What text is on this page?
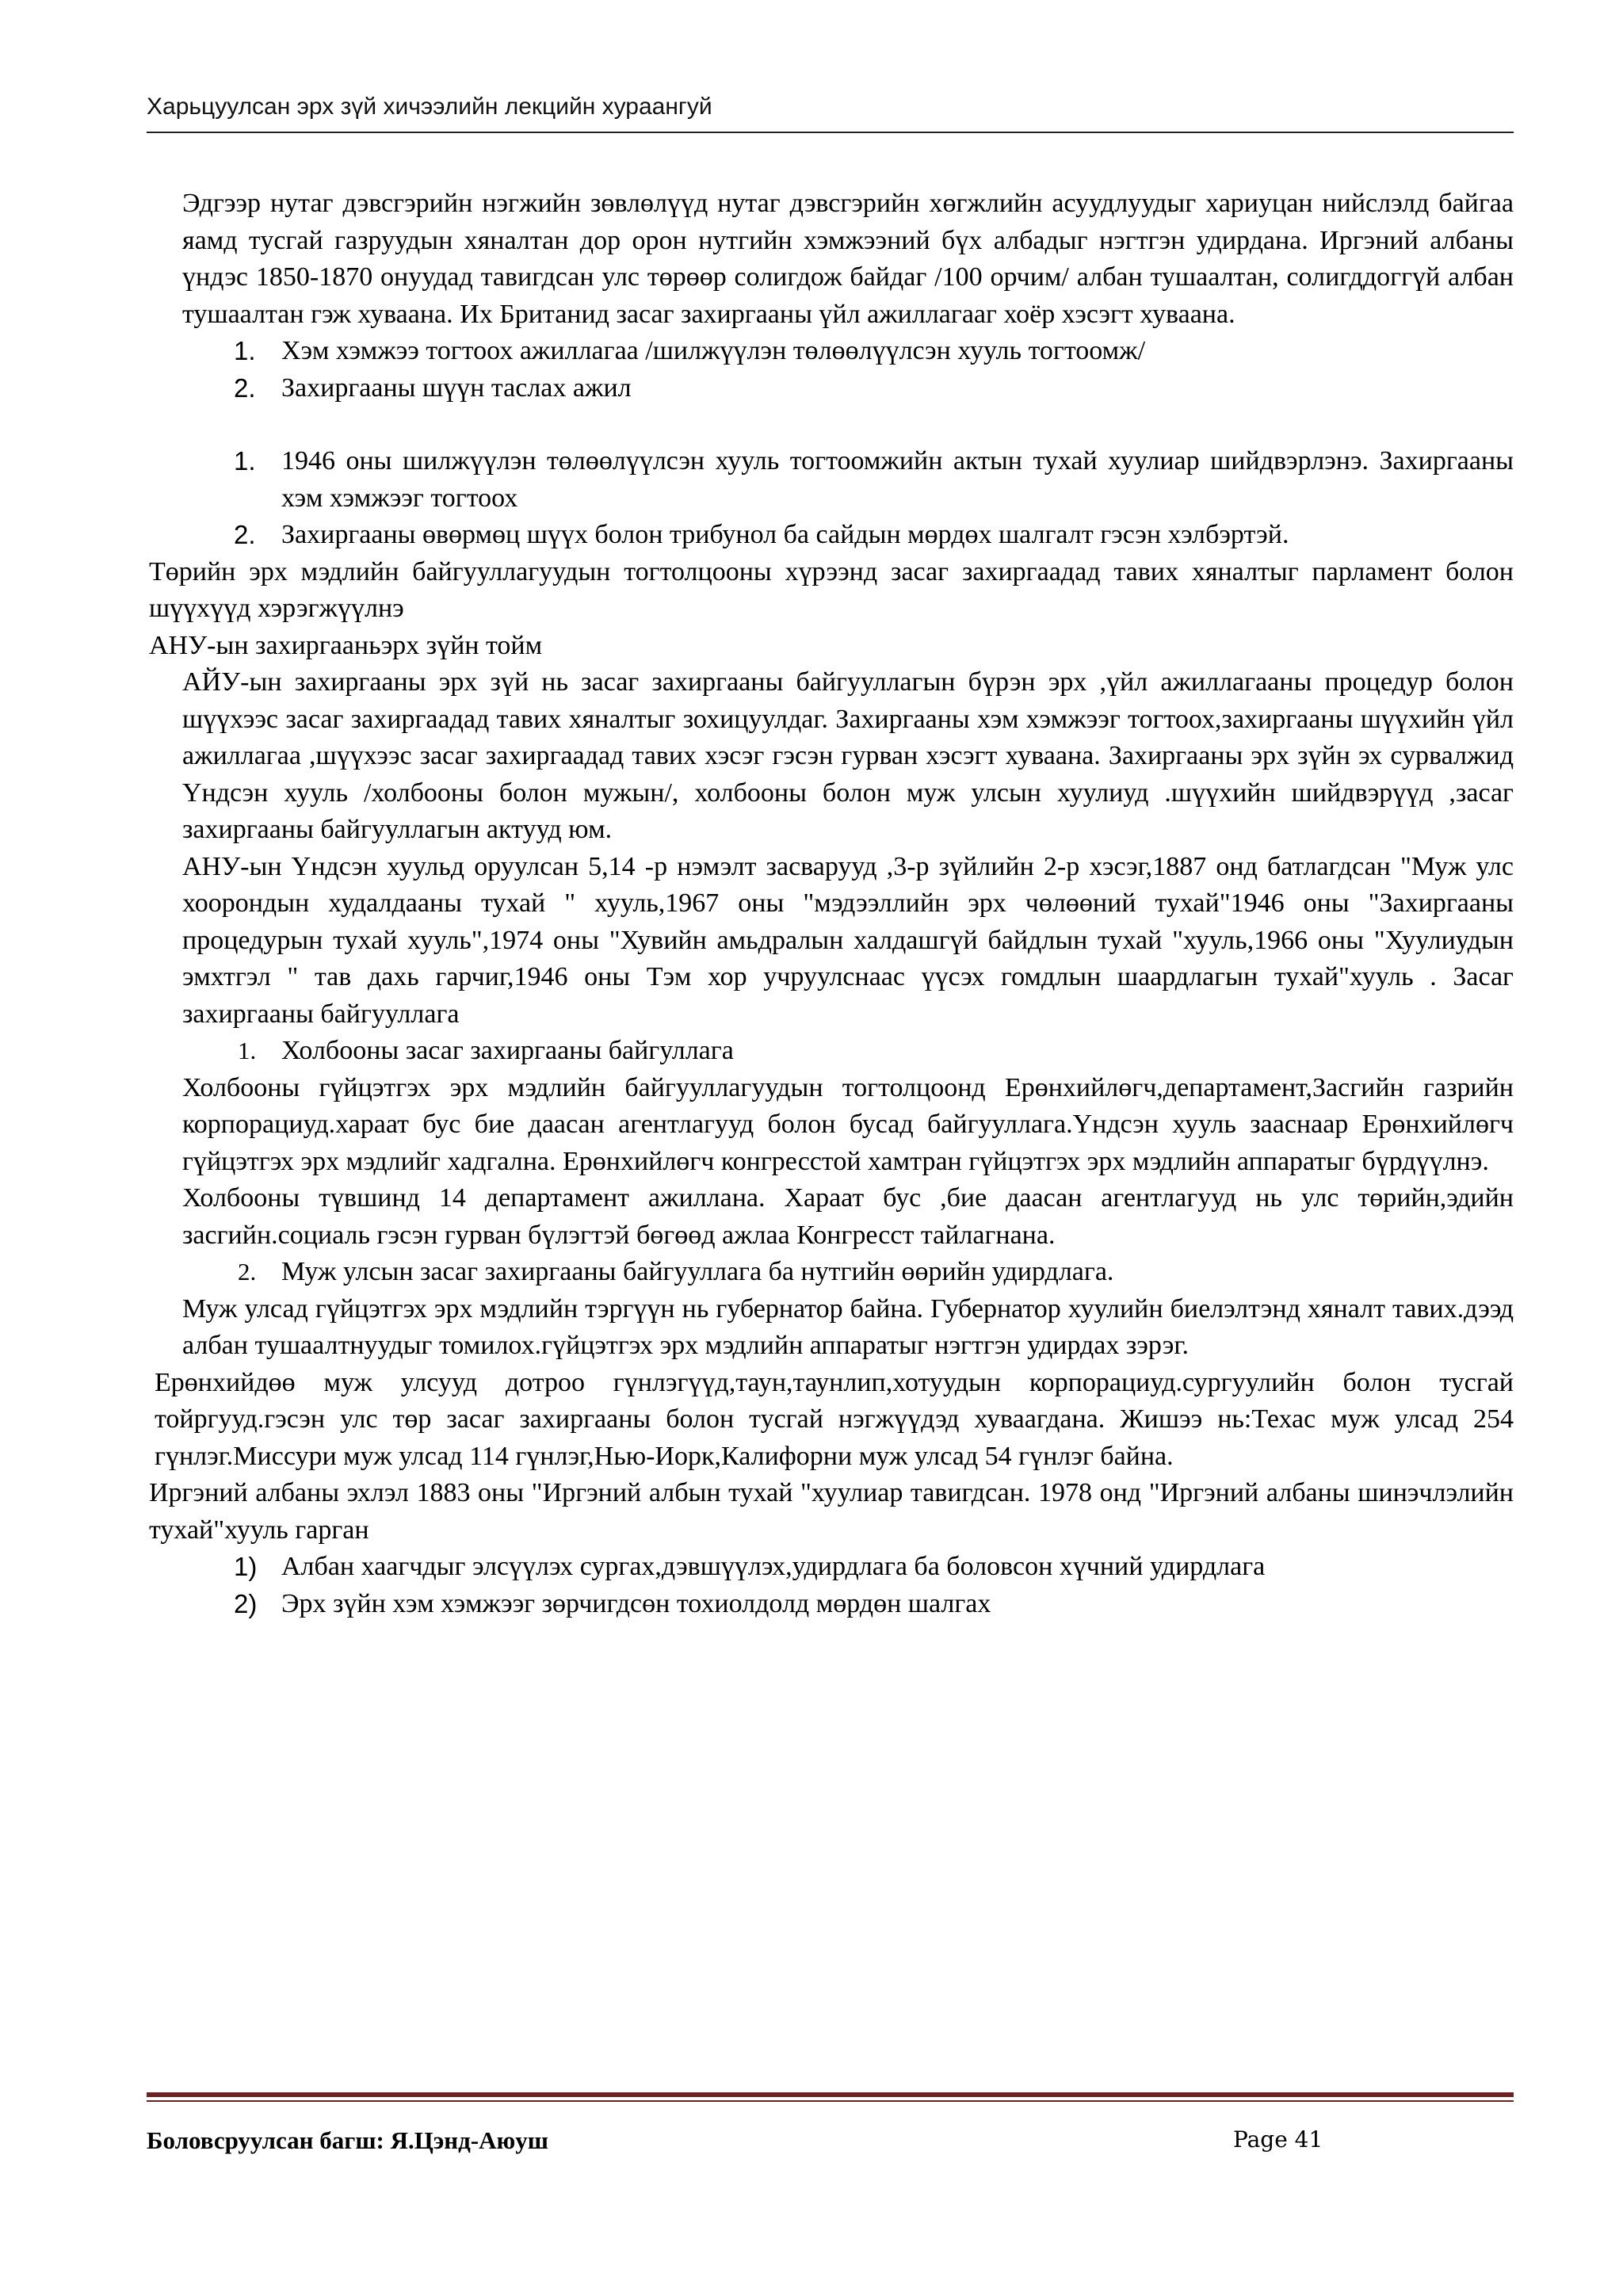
Харьцуулсан эрх зүй хичээлийн лекцийн хураангуй

Эдгээр нутаг дэвсгэрийн нэгжийн зөвлөлүүд нутаг дэвсгэрийн хөгжлийн асуудлуудыг хариуцан нийслэлд байгаа яамд тусгай газруудын хяналтан дор орон нутгийн хэмжээний бүх албадыг нэгтгэн удирдана. Иргэний албаны үндэс 1850-1870 онуудад тавигдсан улс төрөөр солигдож байдаг /100 орчим/ албан тушаалтан, солигддоггүй албан тушаалтан гэж хуваана. Их Британид засаг захиргааны үйл ажиллагааг хоёр хэсэгт хуваана.

1. Хэм хэмжээ тогтоох ажиллагаа /шилжүүлэн төлөөлүүлсэн хууль тогтоомж/
2. Захиргааны шүүн таслах ажил
1. 1946 оны шилжүүлэн төлөөлүүлсэн хууль тогтоомжийн актын тухай хуулиар шийдвэрлэнэ. Захиргааны хэм хэмжээг тогтоох
2. Захиргааны өвөрмөц шүүх болон трибунол ба сайдын мөрдөх шалгалт гэсэн хэлбэртэй.

Төрийн эрх мэдлийн байгууллагуудын тогтолцооны хүрээнд засаг захиргаадад тавих хяналтыг парламент болон шүүхүүд хэрэгжүүлнэ

АНУ-ын захиргааньэрх зүйн тойм

АЙУ-ын захиргааны эрх зүй нь засаг захиргааны байгууллагын бүрэн эрх ,үйл ажиллагааны процедур болон шүүхээс засаг захиргаадад тавих хяналтыг зохицуулдаг. Захиргааны хэм хэмжээг тогтоох,захиргааны шүүхийн үйл ажиллагаа ,шүүхээс засаг захиргаадад тавих хэсэг гэсэн гурван хэсэгт хуваана. Захиргааны эрх зүйн эх сурвалжид Үндсэн хууль /холбооны болон мужын/, холбооны болон муж улсын хуулиуд .шүүхийн шийдвэрүүд ,засаг захиргааны байгууллагын актууд юм.

АНУ-ын Үндсэн хуульд оруулсан 5,14 -р нэмэлт засварууд ,3-р зүйлийн 2-р хэсэг,1887 онд батлагдсан "Муж улс хоорондын худалдааны тухай " хууль,1967 оны "мэдээллийн эрх чөлөөний тухай"1946 оны "Захиргааны процедурын тухай хууль",1974 оны "Хувийн амьдралын халдашгүй байдлын тухай "хууль,1966 оны "Хуулиудын эмхтгэл " тав дахь гарчиг,1946 оны Тэм хор учруулснаас үүсэх гомдлын шаардлагын тухай"хууль . Засаг захиргааны байгууллага

1. Холбооны засаг захиргааны байгуллага

Холбооны гүйцэтгэх эрх мэдлийн байгууллагуудын тогтолцоонд Ерөнхийлөгч,департамент,Засгийн газрийн корпорациуд.хараат бус бие даасан агентлагууд болон бусад байгууллага.Үндсэн хууль зааснаар Ерөнхийлөгч гүйцэтгэх эрх мэдлийг хадгална. Ерөнхийлөгч конгресстой хамтран гүйцэтгэх эрх мэдлийн аппаратыг бүрдүүлнэ.

Холбооны түвшинд 14 департамент ажиллана. Хараат бус ,бие даасан агентлагууд нь улс төрийн,эдийн засгийн.социаль гэсэн гурван бүлэгтэй бөгөөд ажлаа Конгресст тайлагнана.

2. Муж улсын засаг захиргааны байгууллага ба нутгийн өөрийн удирдлага.

Муж улсад гүйцэтгэх эрх мэдлийн тэргүүн нь губернатор байна. Губернатор хуулийн биелэлтэнд хяналт тавих.дээд албан тушаалтнуудыг томилох.гүйцэтгэх эрх мэдлийн аппаратыг нэгтгэн удирдах зэрэг.

Ерөнхийдөө муж улсууд дотроо гүнлэгүүд,таун,таунлип,хотуудын корпорациуд.сургуулийн болон тусгай тойргууд.гэсэн улс төр засаг захиргааны болон тусгай нэгжүүдэд хуваагдана. Жишээ нь:Техас муж улсад 254 гүнлэг.Миссури муж улсад 114 гүнлэг,Нью-Иорк,Калифорни муж улсад 54 гүнлэг байна.

Иргэний албаны эхлэл 1883 оны "Иргэний албын тухай "хуулиар тавигдсан. 1978 онд "Иргэний албаны шинэчлэлийн тухай"хууль гарган

1) Албан хаагчдыг элсүүлэх сургах,дэвшүүлэх,удирдлага ба боловсон хүчний удирдлага
2) Эрх зүйн хэм хэмжээг зөрчигдсөн тохиолдолд мөрдөн шалгах
Боловсруулсан багш: Я.Цэнд-Аюуш	Page 41
